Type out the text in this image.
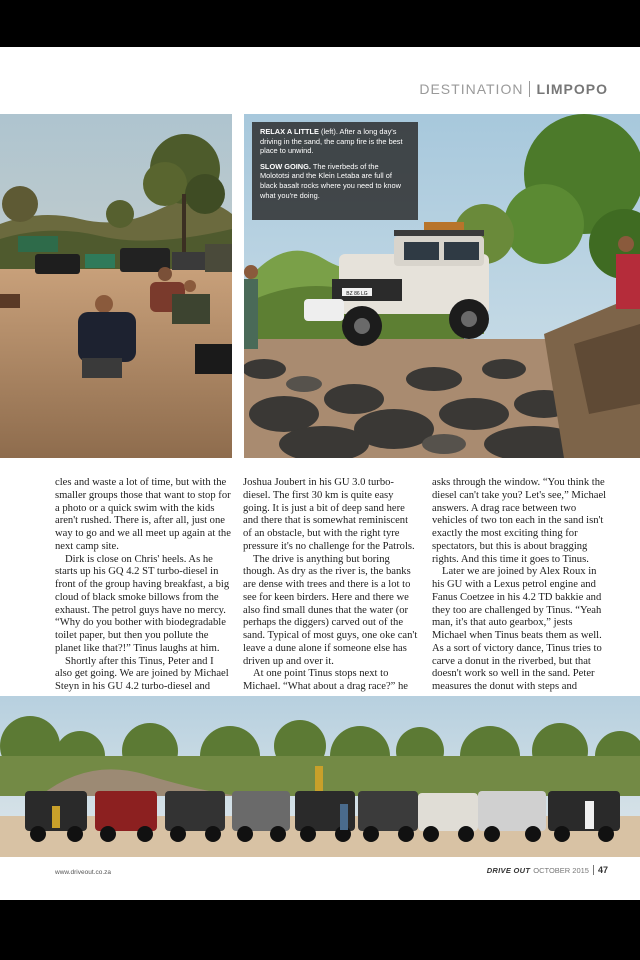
DESTINATION LIMPOPO
BZ 86 LG

RELAX A LITTLE (left). After a long day's driving in the sand, the camp fire is the best place to unwind.

SLOW GOING. The riverbeds of the Molototsi and the Klein Letaba are full of black basalt rocks where you need to know what you're doing.

cles and waste a lot of time, but with the smaller groups those that want to stop for a photo or a quick swim with the kids aren't rushed. There is, after all, just one way to go and we all meet up again at the next camp site.

Dirk is close on Chris' heels. As he starts up his GQ 4.2 ST turbo-diesel in front of the group having breakfast, a big cloud of black smoke billows from the exhaust. The petrol guys have no mercy. “Why do you bother with biodegradable toilet paper, but then you pollute the planet like that?!” Tinus laughs at him.

Shortly after this Tinus, Peter and I also get going. We are joined by Michael Steyn in his GU 4.2 turbo-diesel and

Joshua Joubert in his GU 3.0 turbo-diesel. The first 30 km is quite easy going. It is just a bit of deep sand here and there that is somewhat reminiscent of an obstacle, but with the right tyre pressure it's no challenge for the Patrols.

The drive is anything but boring though. As dry as the river is, the banks are dense with trees and there is a lot to see for keen birders. Here and there we also find small dunes that the water (or perhaps the diggers) carved out of the sand. Typical of most guys, one oke can't leave a dune alone if someone else has driven up and over it.

At one point Tinus stops next to Michael. “What about a drag race?” he

asks through the window. “You think the diesel can't take you? Let's see,” Michael answers. A drag race between two vehicles of two ton each in the sand isn't exactly the most exciting thing for spectators, but this is about bragging rights. And this time it goes to Tinus.

Later we are joined by Alex Roux in his GU with a Lexus petrol engine and Fanus Coetzee in his 4.2 TD bakkie and they too are challenged by Tinus. “Yeah man, it's that auto gearbox,” jests Michael when Tinus beats them as well. As a sort of victory dance, Tinus tries to carve a donut in the riverbed, but that doesn't work so well in the sand. Peter measures the donut with steps and

www.driveout.co.za	DRIVE OUT OCTOBER 2015 47
